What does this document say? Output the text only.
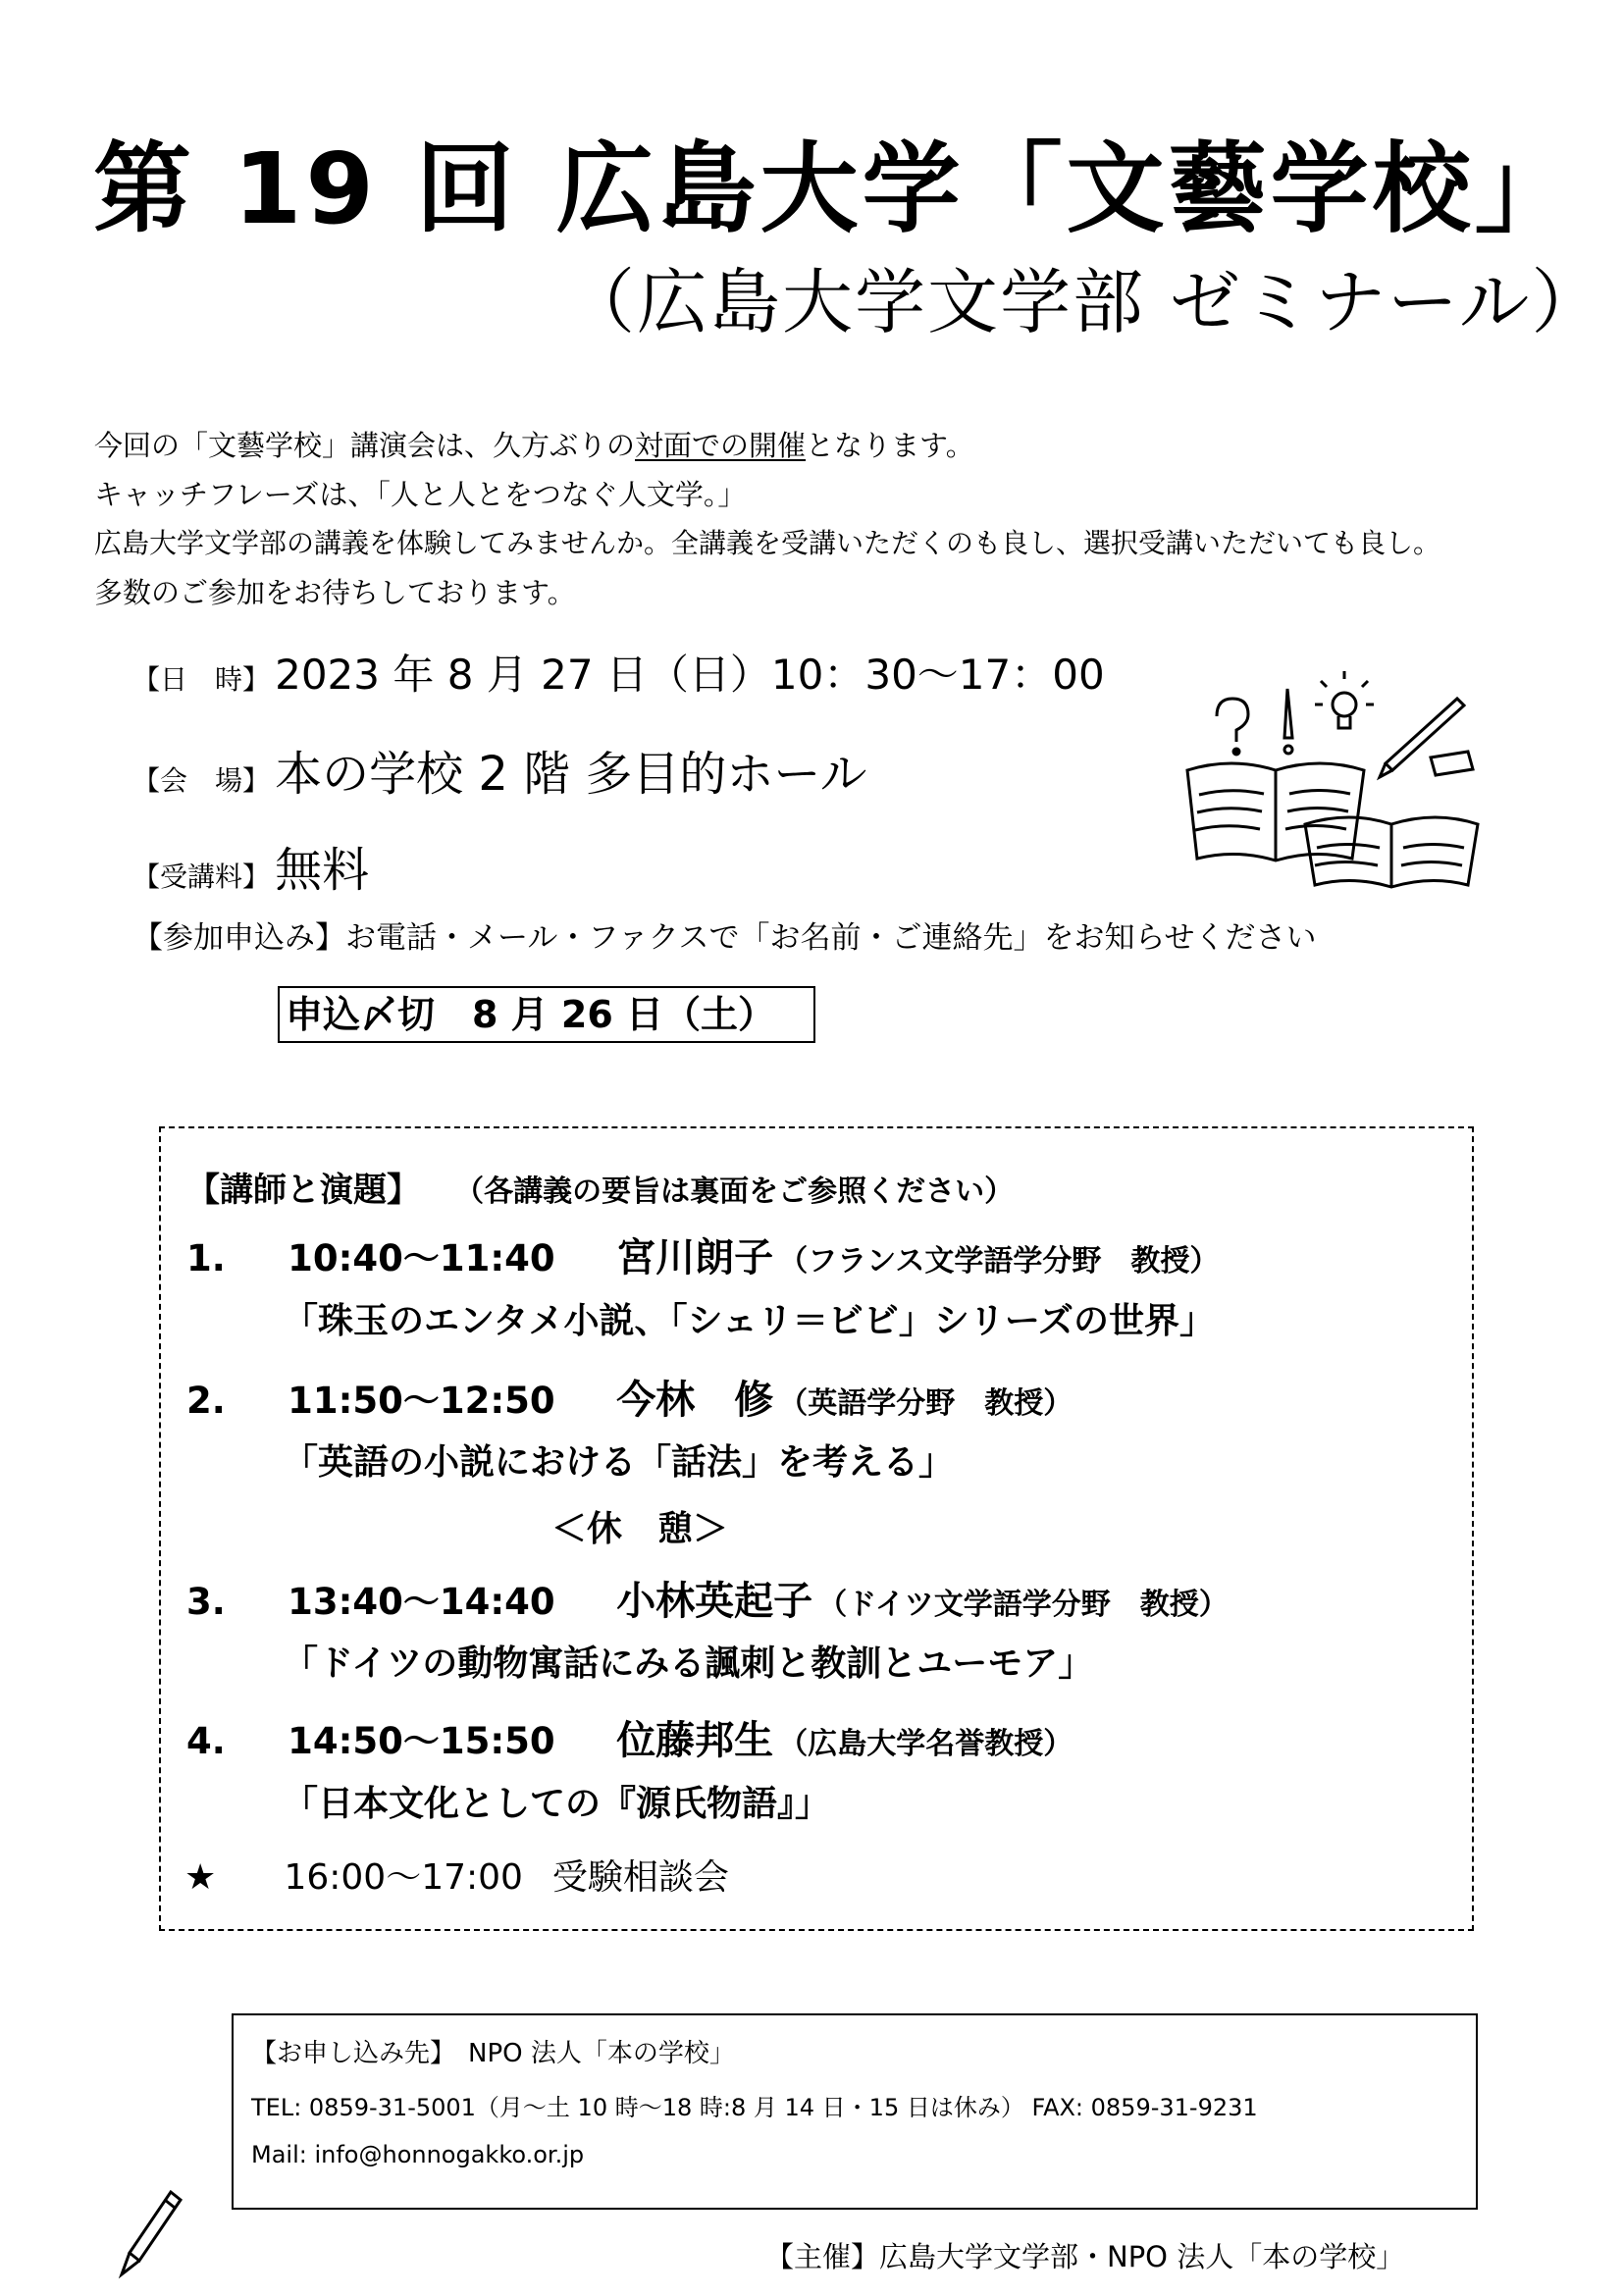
第 19 回 広島大学「文藝学校」
（広島大学文学部 ゼミナール）
今回の「文藝学校」講演会は、久方ぶりの対面での開催となります。
キャッチフレーズは、「人と人とをつなぐ人文学。」
広島大学文学部の講義を体験してみませんか。全講義を受講いただくのも良し、選択受講いただいても良し。
多数のご参加をお待ちしております。
【日　時】 2023 年 8 月 27 日（日）10：30～17：00
【会　場】 本の学校 2 階 多目的ホール
【受講料】 無料
【参加申込み】お電話・メール・ファクスで「お名前・ご連絡先」をお知らせください
申込〆切　8 月 26 日（土）
【講師と演題】 （各講義の要旨は裏面をご参照ください）
1. 10:40～11:40 宮川朗子 （フランス文学語学分野　教授）
「珠玉のエンタメ小説、「シェリ＝ビビ」シリーズの世界」
2. 11:50～12:50 今林　修 （英語学分野　教授）
「英語の小説における「話法」を考える」
＜休　憩＞
3. 13:40～14:40 小林英起子 （ドイツ文学語学分野　教授）
「ドイツの動物寓話にみる諷刺と教訓とユーモア」
4. 14:50～15:50 位藤邦生 （広島大学名誉教授）
「日本文化としての『源氏物語』」
★ 16:00～17:00 受験相談会
【お申し込み先】　NPO 法人「本の学校」
TEL: 0859-31-5001（月～土 10 時～18 時:8 月 14 日・15 日は休み） FAX: 0859-31-9231
Mail: info@honnogakko.or.jp
【主催】広島大学文学部・NPO 法人「本の学校」
